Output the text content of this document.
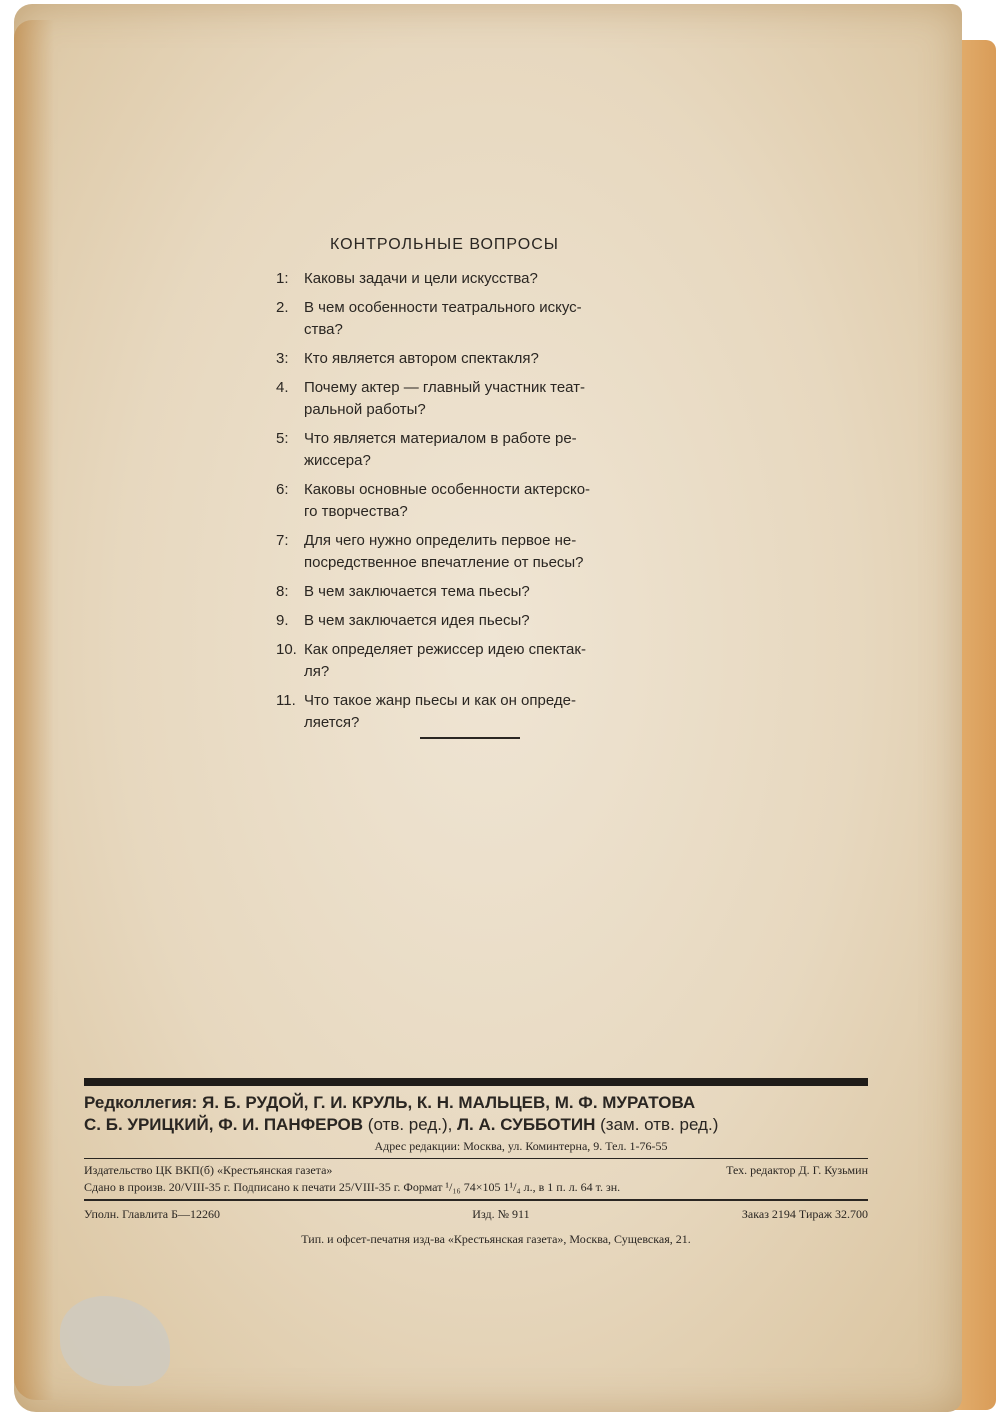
КОНТРОЛЬНЫЕ ВОПРОСЫ
1:	Каковы задачи и цели искусства?
2.	В чем особенности театрального искус-
ства?
3:	Кто является автором спектакля?
4.	Почему актер — главный участник теат-
ральной работы?
5:	Что является материалом в работе ре-
жиссера?
6:	Каковы основные особенности актерско-
го творчества?
7:	Для чего нужно определить первое не-
посредственное впечатление от пьесы?
8:	В чем заключается тема пьесы?
9.	В чем заключается идея пьесы?
10. Как определяет режиссер идею спектак-
ля?
11. Что такое жанр пьесы и как он опреде-
ляется?
Редколлегия: Я. Б. РУДОЙ, Г. И. КРУЛЬ, К. Н. МАЛЬЦЕВ, М. Ф. МУРАТОВА
С. Б. УРИЦКИЙ, Ф. И. ПАНФЕРОВ (отв. ред.), Л. А. СУББОТИН (зам. отв. ред.)
Адрес редакции: Москва, ул. Коминтерна, 9. Тел. 1-76-55
Издательство ЦК ВКП(б) «Крестьянская газета»	Тех. редактор Д. Г. Кузьмин
Сдано в произв. 20/VIII-35 г. Подписано к печати 25/VIII-35 г. Формат ¹/₁₆ 74×105 1¹/₄ л., в 1 п. л. 64 т. зн.
Уполн. Главлита Б—12260	Изд. № 911	Заказ 2194 Тираж 32.700
Тип. и офсет-печатня изд-ва «Крестьянская газета», Москва, Сущевская, 21.
